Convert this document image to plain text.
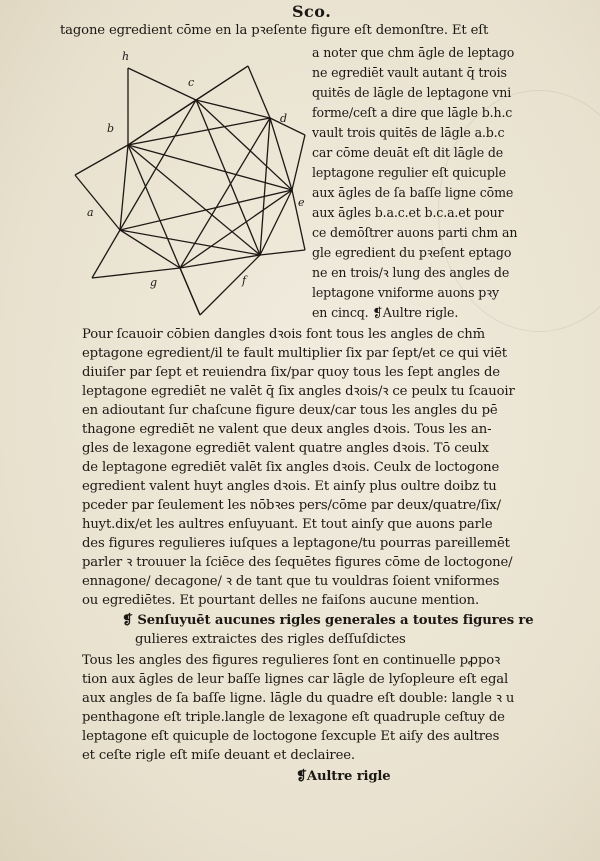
Sco.
tagone egredient cōme en la pꝛeſente figure eſt demonſtre. Et eſt
h
c
b
d
e
a
g	f
a noter que chm āgle de leptago
ne egrediēt vault autant q̄ trois
quitēs de lāgle de leptagone vni
forme/ceſt a dire que lāgle b.h.c
vault trois quitēs de lāgle a.b.c
car cōme deuāt eſt dit lāgle de
leptagone regulier eſt quicuple
aux āgles de ſa baſſe ligne cōme
aux āgles b.a.c.et b.c.a.et pour
ce demōſtrer auons parti chm an
gle egredient du pꝛeſent eptago
ne en trois/ꝛ lung des angles de
leptagone vniforme auons pꝛy
en cincq. ❡Aultre rigle.
Pour ſcauoir cōbien dangles dꝛois font tous les angles de chm̄
eptagone egredient/il te fault multiplier ſix par ſept/et ce qui viēt
diuiſer par ſept et reuiendra ſix/par quoy tous les ſept angles de
leptagone egrediēt ne valēt q̄ ſix angles dꝛois/ꝛ ce peulx tu ſcauoir
en adioutant ſur chaſcune figure deux/car tous les angles du pē
thagone egrediēt ne valent que deux angles dꝛois. Tous les an-
gles de lexagone egrediēt valent quatre angles dꝛois. Tō ceulx
de leptagone egrediēt valēt ſix angles dꝛois. Ceulx de loctogone
egredient valent huyt angles dꝛois. Et ainſy plus oultre doibz tu
pceder par ſeulement les nōbꝛes pers/cōme par deux/quatre/ſix/
huyt.dix/et les aultres enſuyuant. Et tout ainſy que auons parle
des figures regulieres iuſques a leptagone/tu pourras pareillemēt
parler ꝛ trouuer la ſciēce des ſequētes figures cōme de loctogone/
ennagone/ decagone/ ꝛ de tant que tu vouldras ſoient vniformes
ou egrediētes. Et pourtant delles ne faiſons aucune mention.
❡ Senſuyuēt aucunes rigles generales a toutes figures re
gulieres extraictes des rigles deſſuſdictes
Tous les angles des figures regulieres ſont en continuelle pꝓpoꝛ
tion aux āgles de leur baſſe lignes car lāgle de lyſopleure eſt egal
aux angles de ſa baſſe ligne. lāgle du quadre eſt double: langle ꝛ u
penthagone eſt triple.langle de lexagone eſt quadruple ceſtuy de
leptagone eſt quicuple de loctogone ſexcuple Et aiſy des aultres
et ceſte rigle eſt miſe deuant et declairee.
❡Aultre rigle
